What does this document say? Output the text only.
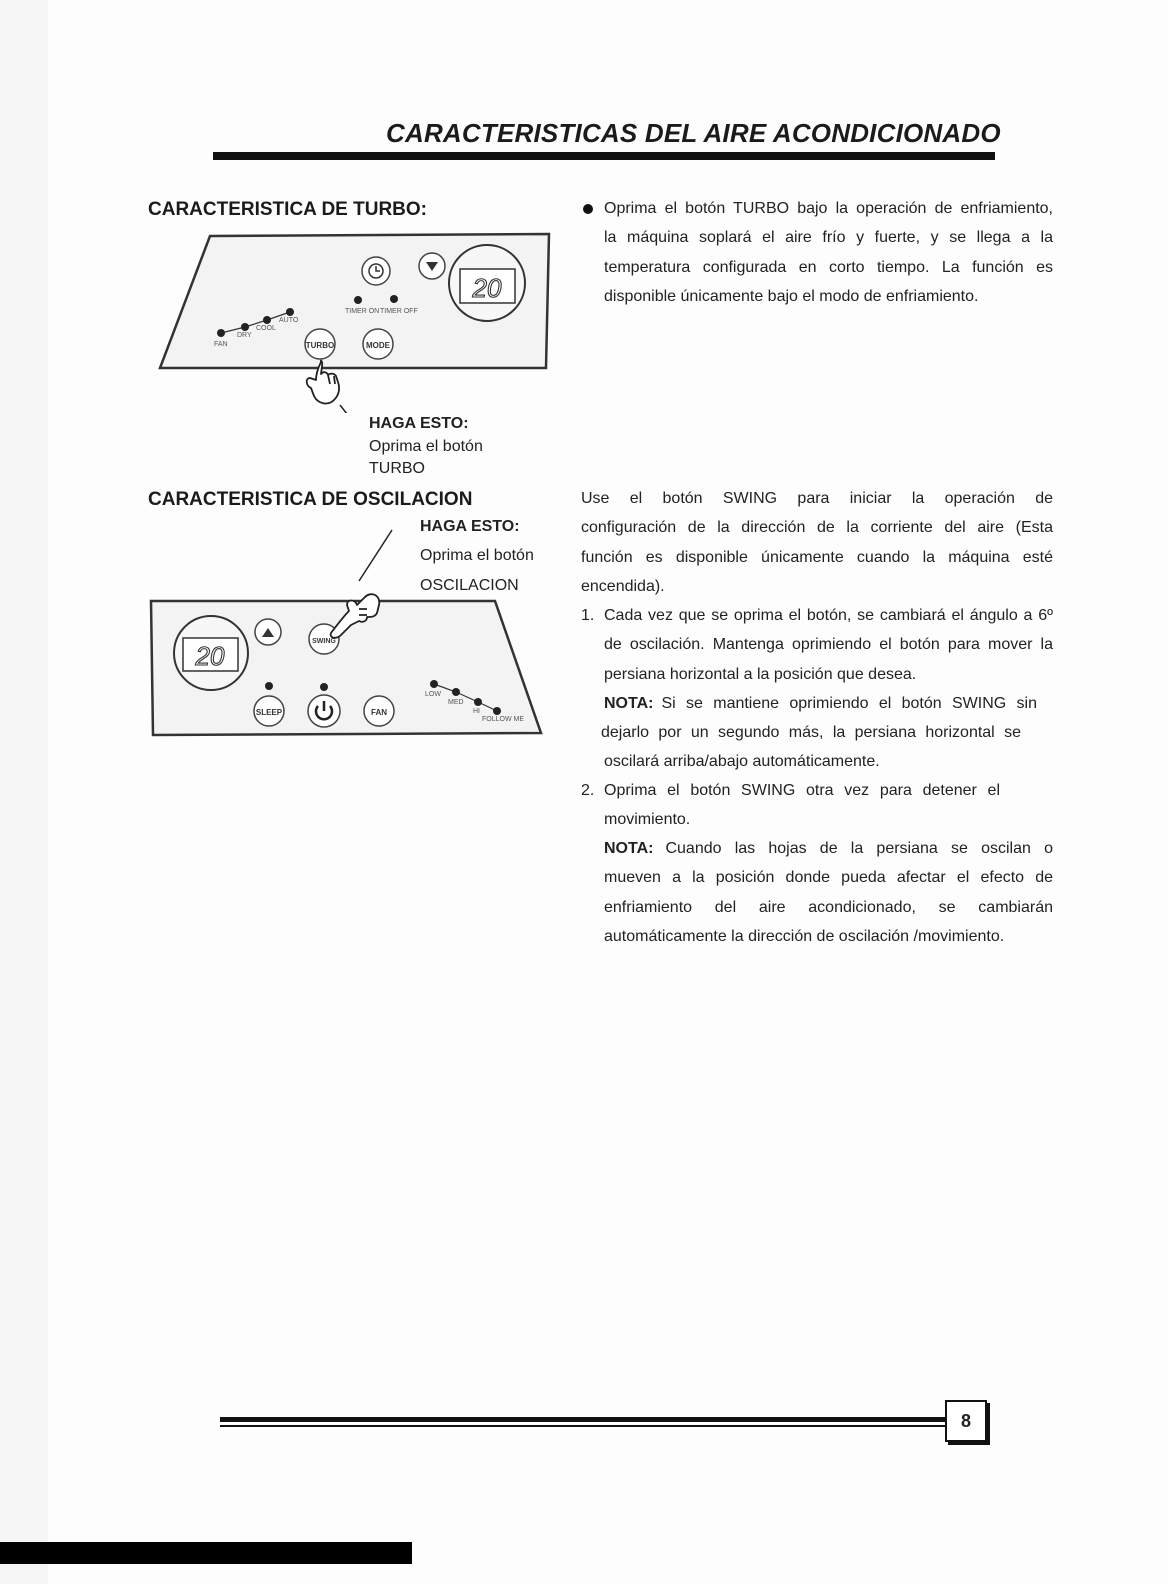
CARACTERISTICAS DEL AIRE ACONDICIONADO
CARACTERISTICA DE TURBO:
20
TIMER ON TIMER OFF
FAN
DRY
COOL
AUTO
TURBO	MODE
HAGA ESTO:
Oprima el botón
TURBO
Oprima el botón TURBO bajo la operación de enfriamiento,
la máquina soplará el aire frío y fuerte, y se llega a la
temperatura configurada en corto tiempo. La función es
disponible únicamente bajo el modo de enfriamiento.
CARACTERISTICA DE OSCILACION
HAGA ESTO:
Oprima el botón
OSCILACION
20	SWING
SLEEP	FAN
LOW
MED
HI
FOLLOW ME
Use el botón SWING para iniciar la operación de
configuración de la dirección de la corriente del aire (Esta
función es disponible únicamente cuando la máquina esté
encendida).
1. Cada vez que se oprima el botón, se cambiará el ángulo a 6º
de oscilación. Mantenga oprimiendo el botón para mover la
persiana horizontal a la posición que desea.
NOTA: Si se mantiene oprimiendo el botón SWING sin
dejarlo por un segundo más, la persiana horizontal se
oscilará arriba/abajo automáticamente.
2. Oprima el botón SWING otra vez para detener el
movimiento.
NOTA: Cuando las hojas de la persiana se oscilan o
mueven a la posición donde pueda afectar el efecto de
enfriamiento del aire acondicionado, se cambiarán
automáticamente la dirección de oscilación /movimiento.
8
